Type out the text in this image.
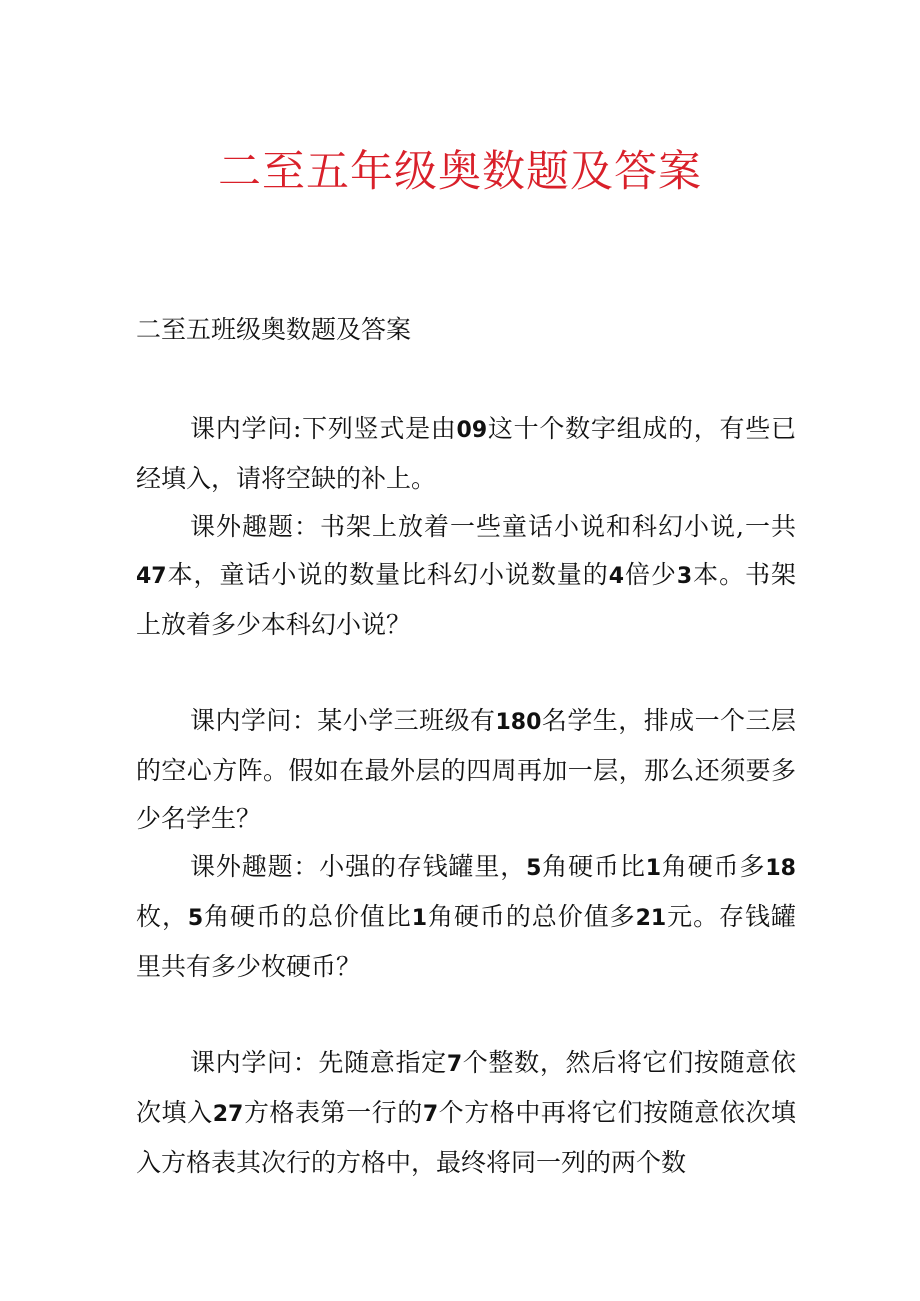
二至五年级奥数题及答案

二至五班级奥数题及答案

课内学问:下列竖式是由09这十个数字组成的，有些已经填入，请将空缺的补上。

课外趣题：书架上放着一些童话小说和科幻小说,一共47本，童话小说的数量比科幻小说数量的4倍少3本。书架上放着多少本科幻小说？

课内学问：某小学三班级有180名学生，排成一个三层的空心方阵。假如在最外层的四周再加一层，那么还须要多少名学生？

课外趣题：小强的存钱罐里，5角硬币比1角硬币多18枚，5角硬币的总价值比1角硬币的总价值多21元。存钱罐里共有多少枚硬币？

课内学问：先随意指定7个整数，然后将它们按随意依次填入27方格表第一行的7个方格中再将它们按随意依次填入方格表其次行的方格中，最终将同一列的两个数
